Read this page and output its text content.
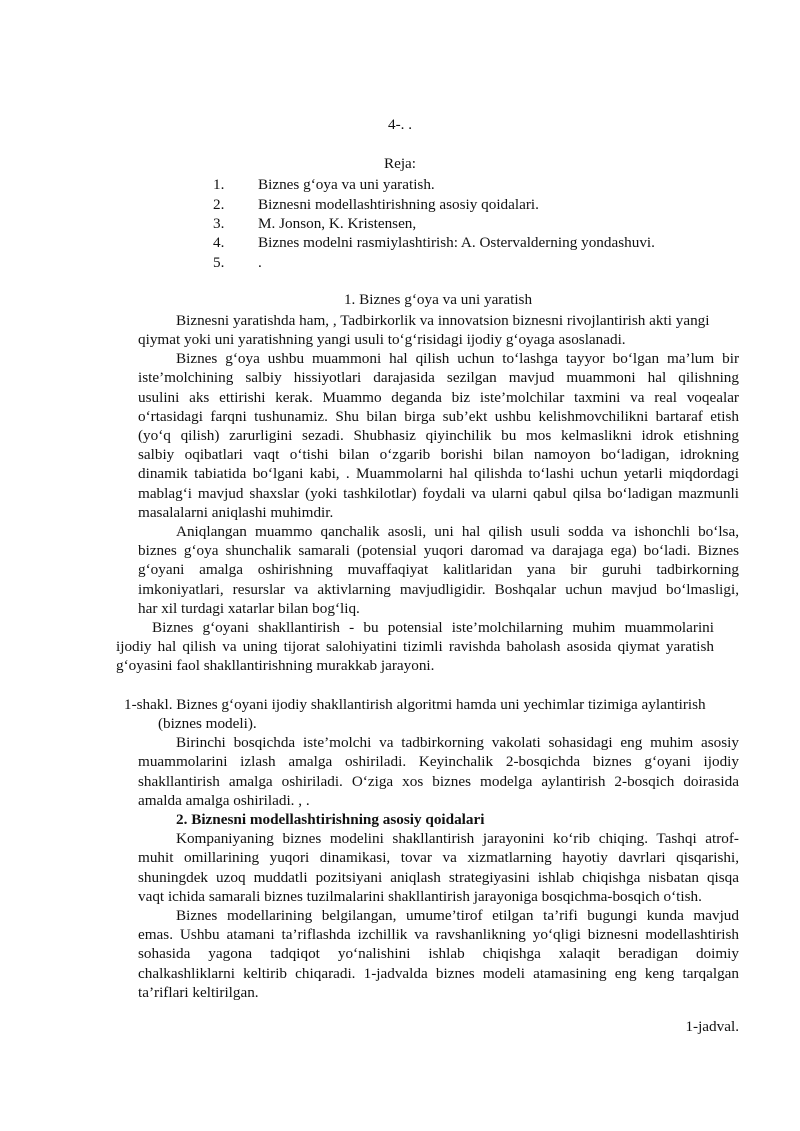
4-. .
Reja:
1. Biznes g‘oya va uni yaratish.
2. Biznesni modellashtirishning asosiy qoidalari.
3. M. Jonson, K. Kristensen,
4. Biznes modelni rasmiylashtirish: A. Ostervalderning yondashuvi.
5. .
1. Biznes g‘oya va uni yaratish
Biznesni yaratishda ham, , Tadbirkorlik va innovatsion biznesni rivojlantirish akti yangi
qiymat yoki uni yaratishning yangi usuli to‘g‘risidagi ijodiy g‘oyaga asoslanadi.
Biznes g‘oya ushbu muammoni hal qilish uchun to‘lashga tayyor bo‘lgan ma’lum bir
iste’molchining salbiy hissiyotlari darajasida sezilgan mavjud muammoni hal qilishning
usulini aks ettirishi kerak. Muammo deganda biz iste’molchilar taxmini va real voqealar
o‘rtasidagi farqni tushunamiz. Shu bilan birga sub’ekt ushbu kelishmovchilikni bartaraf etish
(yo‘q qilish) zarurligini sezadi. Shubhasiz qiyinchilik bu mos kelmaslikni idrok etishning
salbiy oqibatlari vaqt o‘tishi bilan o‘zgarib borishi bilan namoyon bo‘ladigan, idrokning
dinamik tabiatida bo‘lgani kabi, . Muammolarni hal qilishda to‘lashi uchun yetarli miqdordagi
mablag‘i mavjud shaxslar (yoki tashkilotlar) foydali va ularni qabul qilsa bo‘ladigan mazmunli
masalalarni aniqlashi muhimdir.
Aniqlangan muammo qanchalik asosli, uni hal qilish usuli sodda va ishonchli bo‘lsa,
biznes g‘oya shunchalik samarali (potensial yuqori daromad va darajaga ega) bo‘ladi. Biznes
g‘oyani amalga oshirishning muvaffaqiyat kalitlaridan yana bir guruhi tadbirkorning
imkoniyatlari, resurslar va aktivlarning mavjudligidir. Boshqalar uchun mavjud bo‘lmasligi,
har xil turdagi xatarlar bilan bog‘liq.
Biznes g‘oyani shakllantirish - bu potensial iste’molchilarning muhim muammolarini
ijodiy hal qilish va uning tijorat salohiyatini tizimli ravishda baholash asosida qiymat yaratish
g‘oyasini faol shakllantirishning murakkab jarayoni.
1-shakl. Biznes g‘oyani ijodiy shakllantirish algoritmi hamda uni yechimlar tizimiga aylantirish
(biznes modeli).
Birinchi bosqichda iste’molchi va tadbirkorning vakolati sohasidagi eng muhim asosiy
muammolarini izlash amalga oshiriladi. Keyinchalik 2-bosqichda biznes g‘oyani ijodiy
shakllantirish amalga oshiriladi. O‘ziga xos biznes modelga aylantirish 2-bosqich doirasida
amalda amalga oshiriladi. , .
2. Biznesni modellashtirishning asosiy qoidalari
Kompaniyaning biznes modelini shakllantirish jarayonini ko‘rib chiqing. Tashqi atrof-
muhit omillarining yuqori dinamikasi, tovar va xizmatlarning hayotiy davrlari qisqarishi,
shuningdek uzoq muddatli pozitsiyani aniqlash strategiyasini ishlab chiqishga nisbatan qisqa
vaqt ichida samarali biznes tuzilmalarini shakllantirish jarayoniga bosqichma-bosqich o‘tish.
Biznes modellarining belgilangan, umume’tirof etilgan ta’rifi bugungi kunda mavjud
emas. Ushbu atamani ta’riflashda izchillik va ravshanlikning yo‘qligi biznesni modellashtirish
sohasida yagona tadqiqot yo‘nalishini ishlab chiqishga xalaqit beradigan doimiy
chalkashliklarni keltirib chiqaradi. 1-jadvalda biznes modeli atamasining eng keng tarqalgan
ta’riflari keltirilgan.
1-jadval.
